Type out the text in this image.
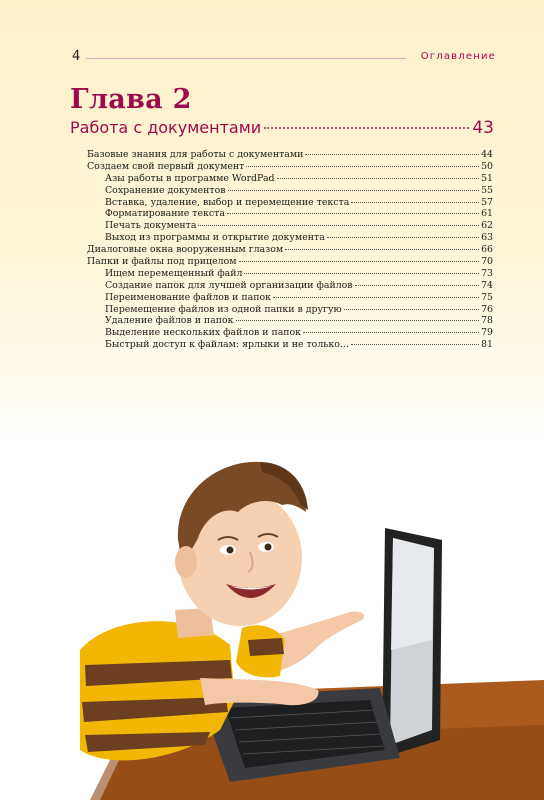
4	Оглавление
Глава 2
Работа с документами	43
Базовые знания для работы с документами	44
Создаем свой первый документ	50
Азы работы в программе WordPad	51
Сохранение документов	55
Вставка, удаление, выбор и перемещение текста	57
Форматирование текста	61
Печать документа	62
Выход из программы и открытие документа	63
Диалоговые окна вооруженным глазом	66
Папки и файлы под прицелом	70
Ищем перемещенный файл	73
Создание папок для лучшей организации файлов	74
Переименование файлов и папок	75
Перемещение файлов из одной папки в другую	76
Удаление файлов и папок	78
Выделение нескольких файлов и папок	79
Быстрый доступ к файлам: ярлыки и не только...	81
